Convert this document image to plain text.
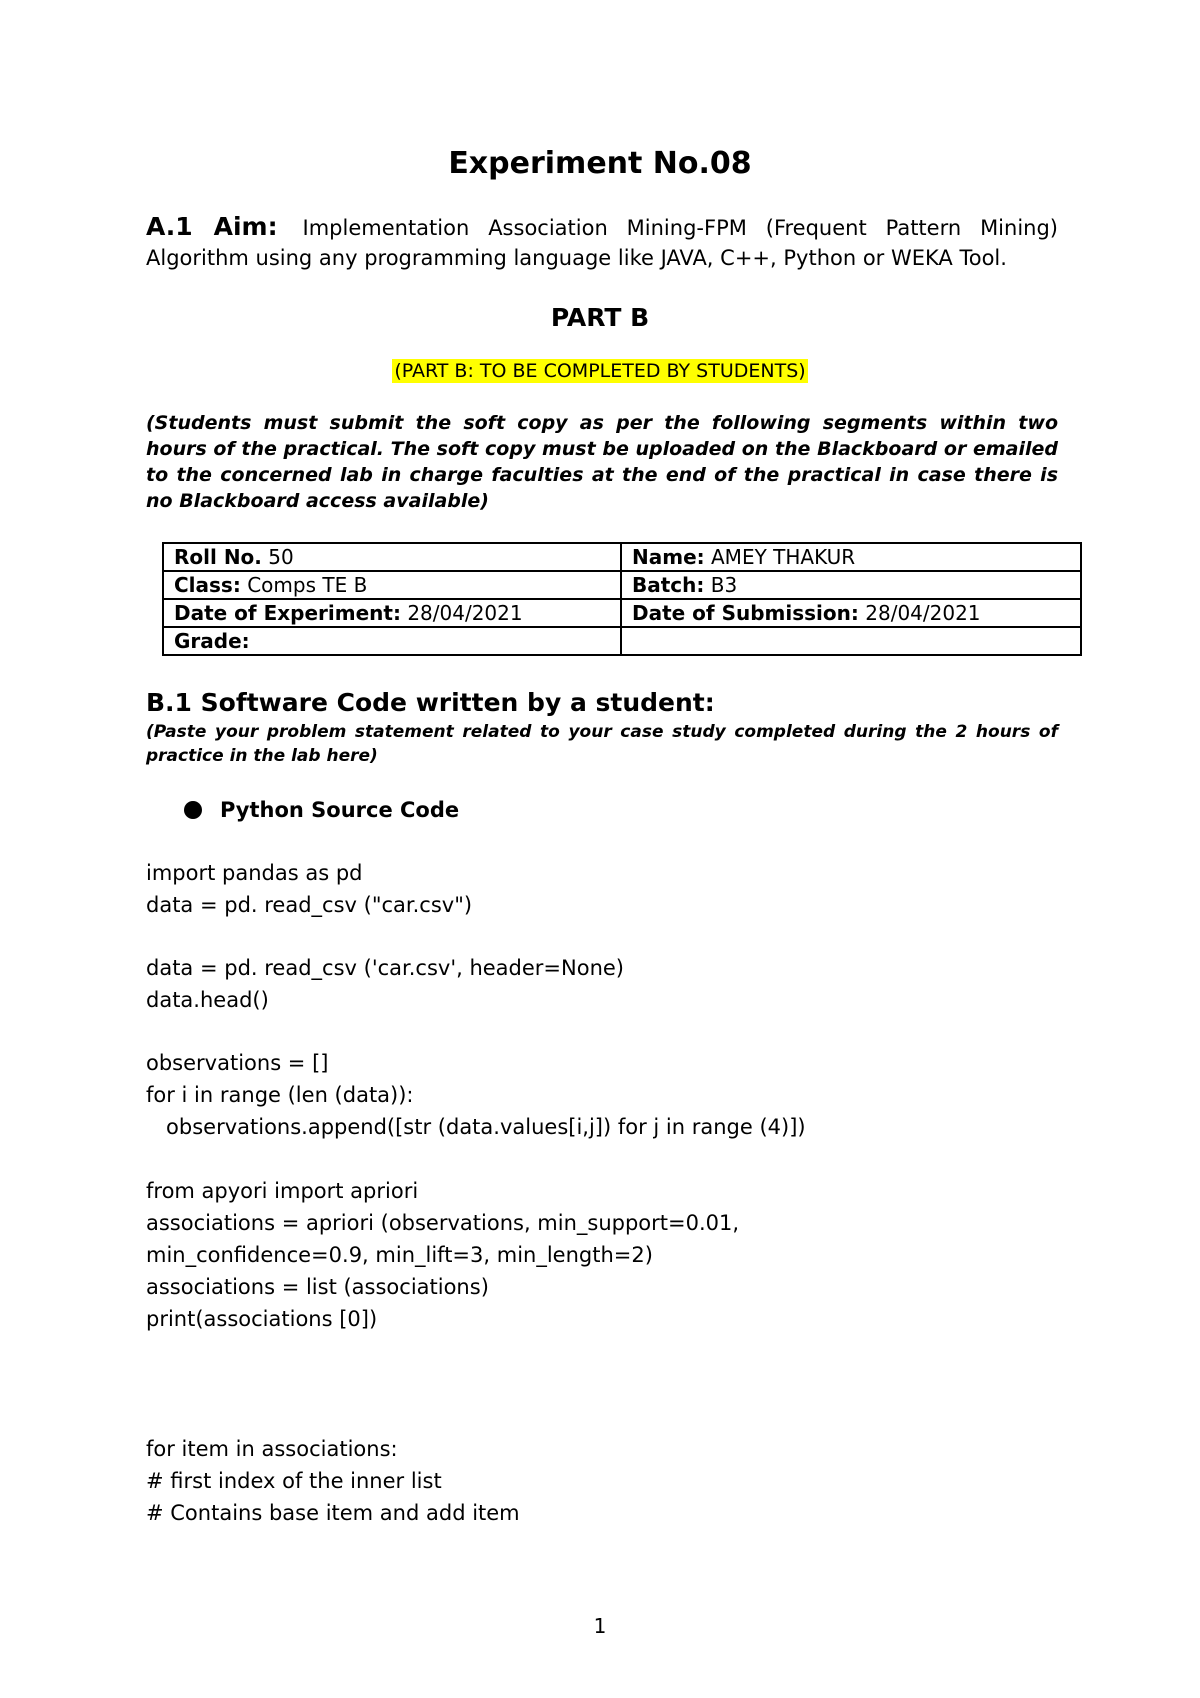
Experiment No.08
A.1 Aim: Implementation Association Mining-FPM (Frequent Pattern Mining) Algorithm using any programming language like JAVA, C++, Python or WEKA Tool.
PART B
(PART B: TO BE COMPLETED BY STUDENTS)
(Students must submit the soft copy as per the following segments within two hours of the practical. The soft copy must be uploaded on the Blackboard or emailed to the concerned lab in charge faculties at the end of the practical in case there is no Blackboard access available)
Roll No. 50	Name: AMEY THAKUR
Class: Comps TE B	Batch: B3
Date of Experiment: 28/04/2021	Date of Submission: 28/04/2021
Grade:	
B.1 Software Code written by a student:
(Paste your problem statement related to your case study completed during the 2 hours of practice in the lab here)
Python Source Code
import pandas as pd
data = pd. read_csv ("car.csv")
data = pd. read_csv ('car.csv', header=None)
data.head()
observations = []
for i in range (len (data)):
observations.append([str (data.values[i,j]) for j in range (4)])
from apyori import apriori
associations = apriori (observations, min_support=0.01,
min_confidence=0.9, min_lift=3, min_length=2)
associations = list (associations)
print(associations [0])
for item in associations:
# first index of the inner list
# Contains base item and add item
1
